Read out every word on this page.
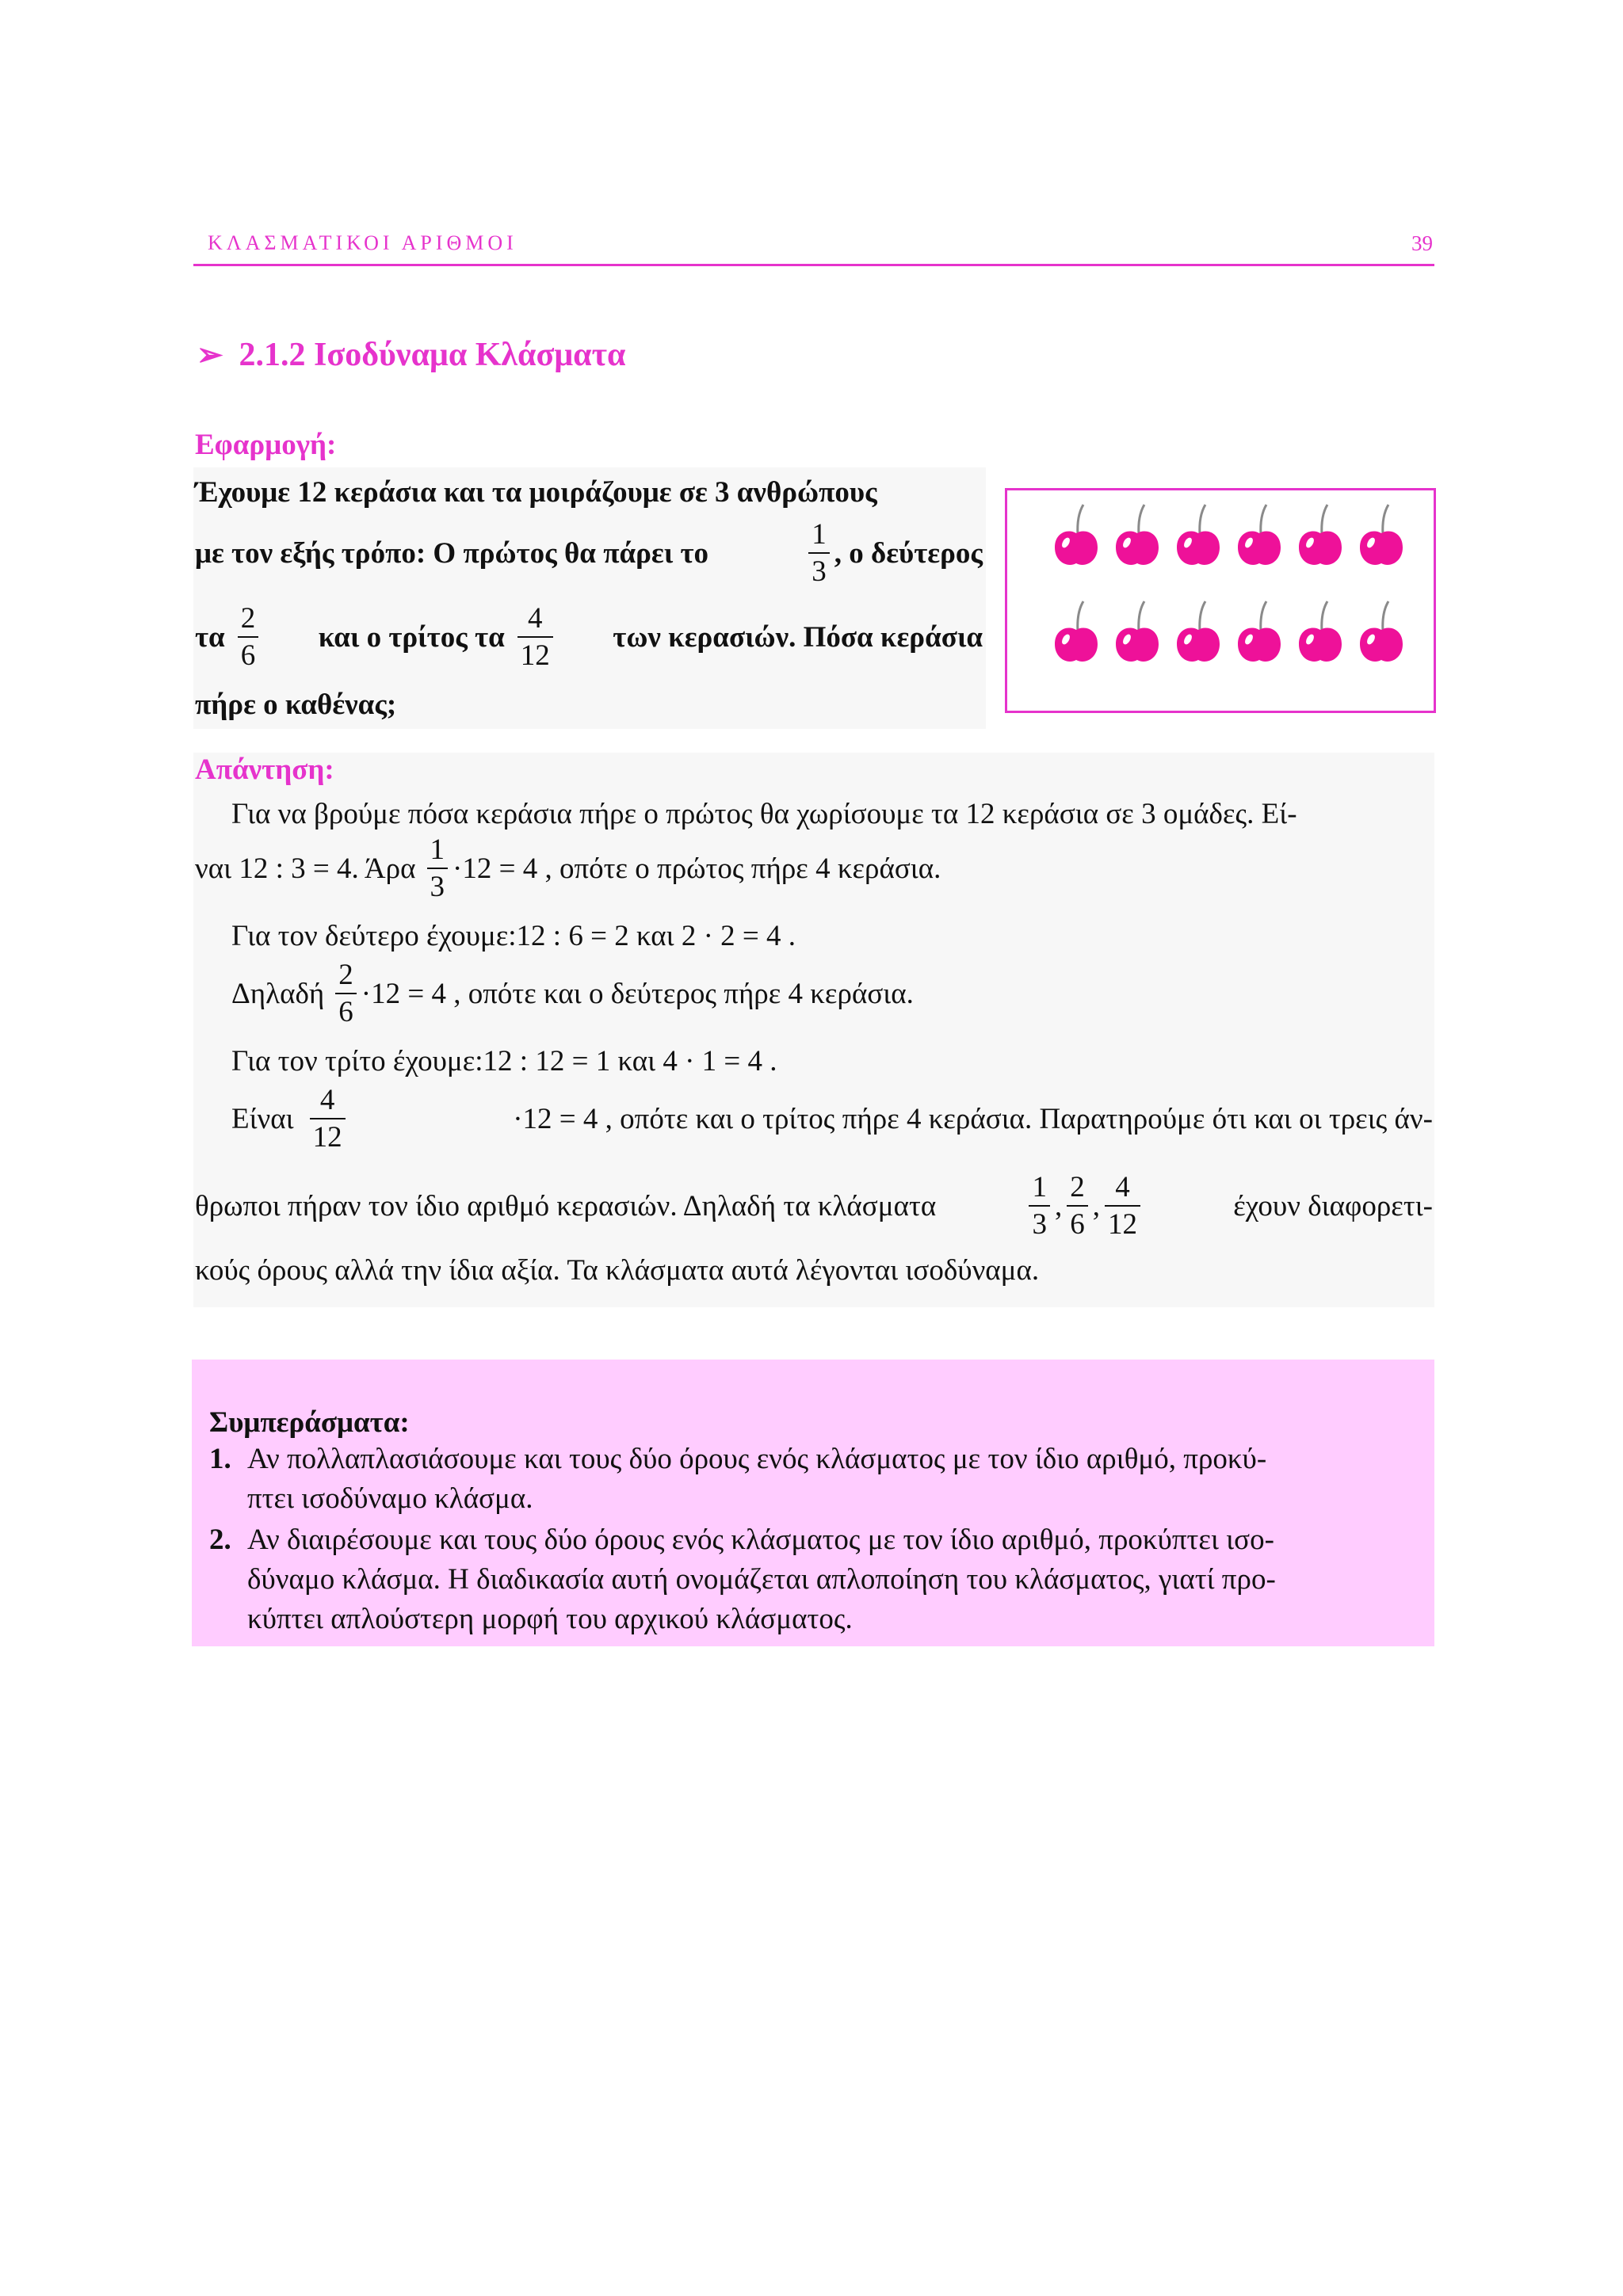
ΚΛΑΣΜΑΤΙΚΟΙ ΑΡΙΘΜΟΙ	39
➢ 2.1.2 Ισοδύναμα Κλάσματα
Εφαρμογή:
Έχουμε 12 κεράσια και τα μοιράζουμε σε 3 ανθρώπους
με τον εξής τρόπο: Ο πρώτος θα πάρει το	$\frac{1}{3}$ , ο δεύτερος
τα $\frac{2}{6}$ και ο τρίτος τα $\frac{4}{12}$ των κερασιών. Πόσα κεράσια
πήρε ο καθένας;
Απάντηση:
Για να βρούμε πόσα κεράσια πήρε ο πρώτος θα χωρίσουμε τα 12 κεράσια σε 3 ομάδες. Εί-
ναι 12 : 3 = 4. Άρα $\frac{1}{3} \cdot 12 = 4$ , οπότε ο πρώτος πήρε 4 κεράσια.
Για τον δεύτερο έχουμε:12 : 6 = 2 και 2 · 2 = 4 .
Δηλαδή $\frac{2}{6} \cdot 12 = 4$ , οπότε και ο δεύτερος πήρε 4 κεράσια.
Για τον τρίτο έχουμε:12 : 12 = 1 και 4 · 1 = 4 .
Είναι $\frac{4}{12}$	·12 = 4 , οπότε και ο τρίτος πήρε 4 κεράσια. Παρατηρούμε ότι και οι τρεις άν-
θρωποι πήραν τον ίδιο αριθμό κερασιών. Δηλαδή τα κλάσματα	$\frac{1}{3}$ , $\frac{2}{6}$ , $\frac{4}{12}$	έχουν διαφορετι-
κούς όρους αλλά την ίδια αξία. Τα κλάσματα αυτά λέγονται ισοδύναμα.
Συμπεράσματα:
1. Αν πολλαπλασιάσουμε και τους δύο όρους ενός κλάσματος με τον ίδιο αριθμό, προκύ-
πτει ισοδύναμο κλάσμα.
2. Αν διαιρέσουμε και τους δύο όρους ενός κλάσματος με τον ίδιο αριθμό, προκύπτει ισο-
δύναμο κλάσμα. Η διαδικασία αυτή ονομάζεται απλοποίηση του κλάσματος, γιατί προ-
κύπτει απλούστερη μορφή του αρχικού κλάσματος.
